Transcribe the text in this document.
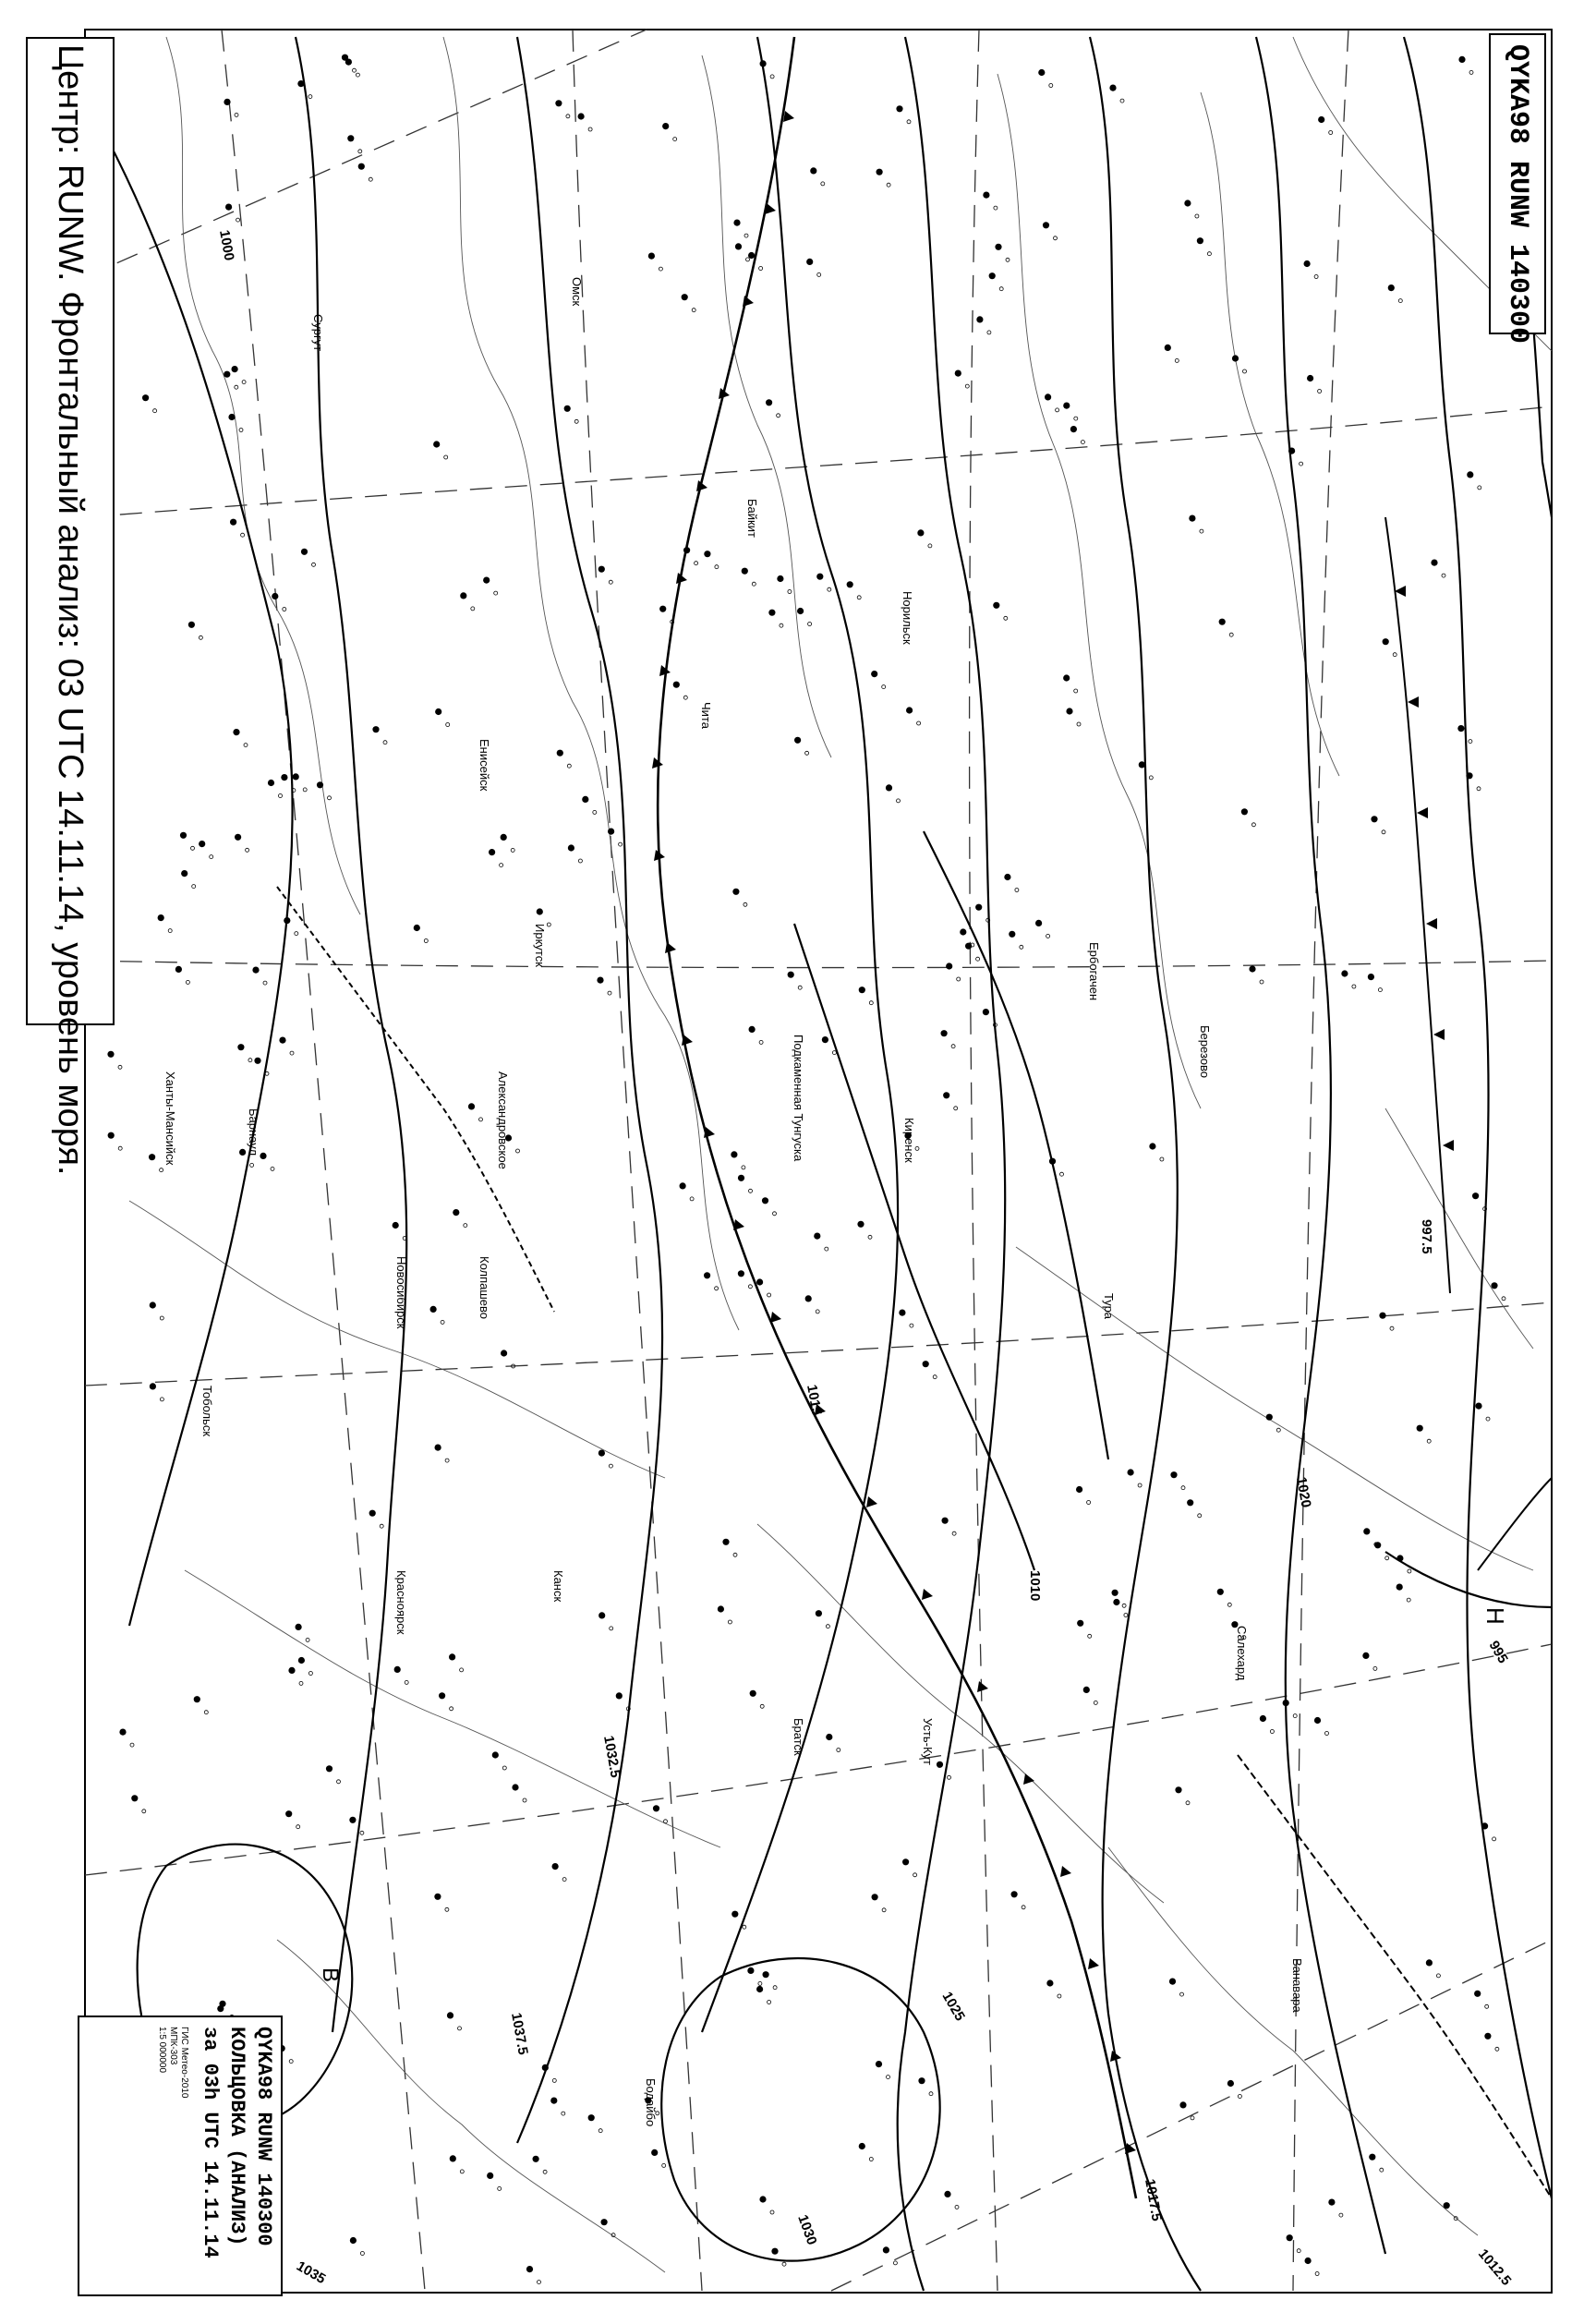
1000
1010
1015
1017.5
1025
1032.5
1037.5
1035
997.5
995
1012.5
1020
1030
В
Н
Норильск
Тура
Ванавара
Киренск
Бодайбо
Иркутск
Чита
Александровское
Колпашево
Новосибирск
Барнаул
Омск
Сургут
Ханты-Мансийск
Тобольск
Салехард
Березово
Подкаменная Тунгуска
Байкит
Енисейск
Красноярск	Канск
Братск	Усть-Кут
Ербогачен
Центр: RUNW. Фронтальный анализ: 03 UTC 14.11.14, уровень моря.	QYKA98 RUNW 140300
QYKA98 RUNW 140300
КОЛЬЦОВКА (АНАЛИЗ)
за 03h UTC 14.11.14
ГИС Метео-2010
МПК-303
1:5 000000
